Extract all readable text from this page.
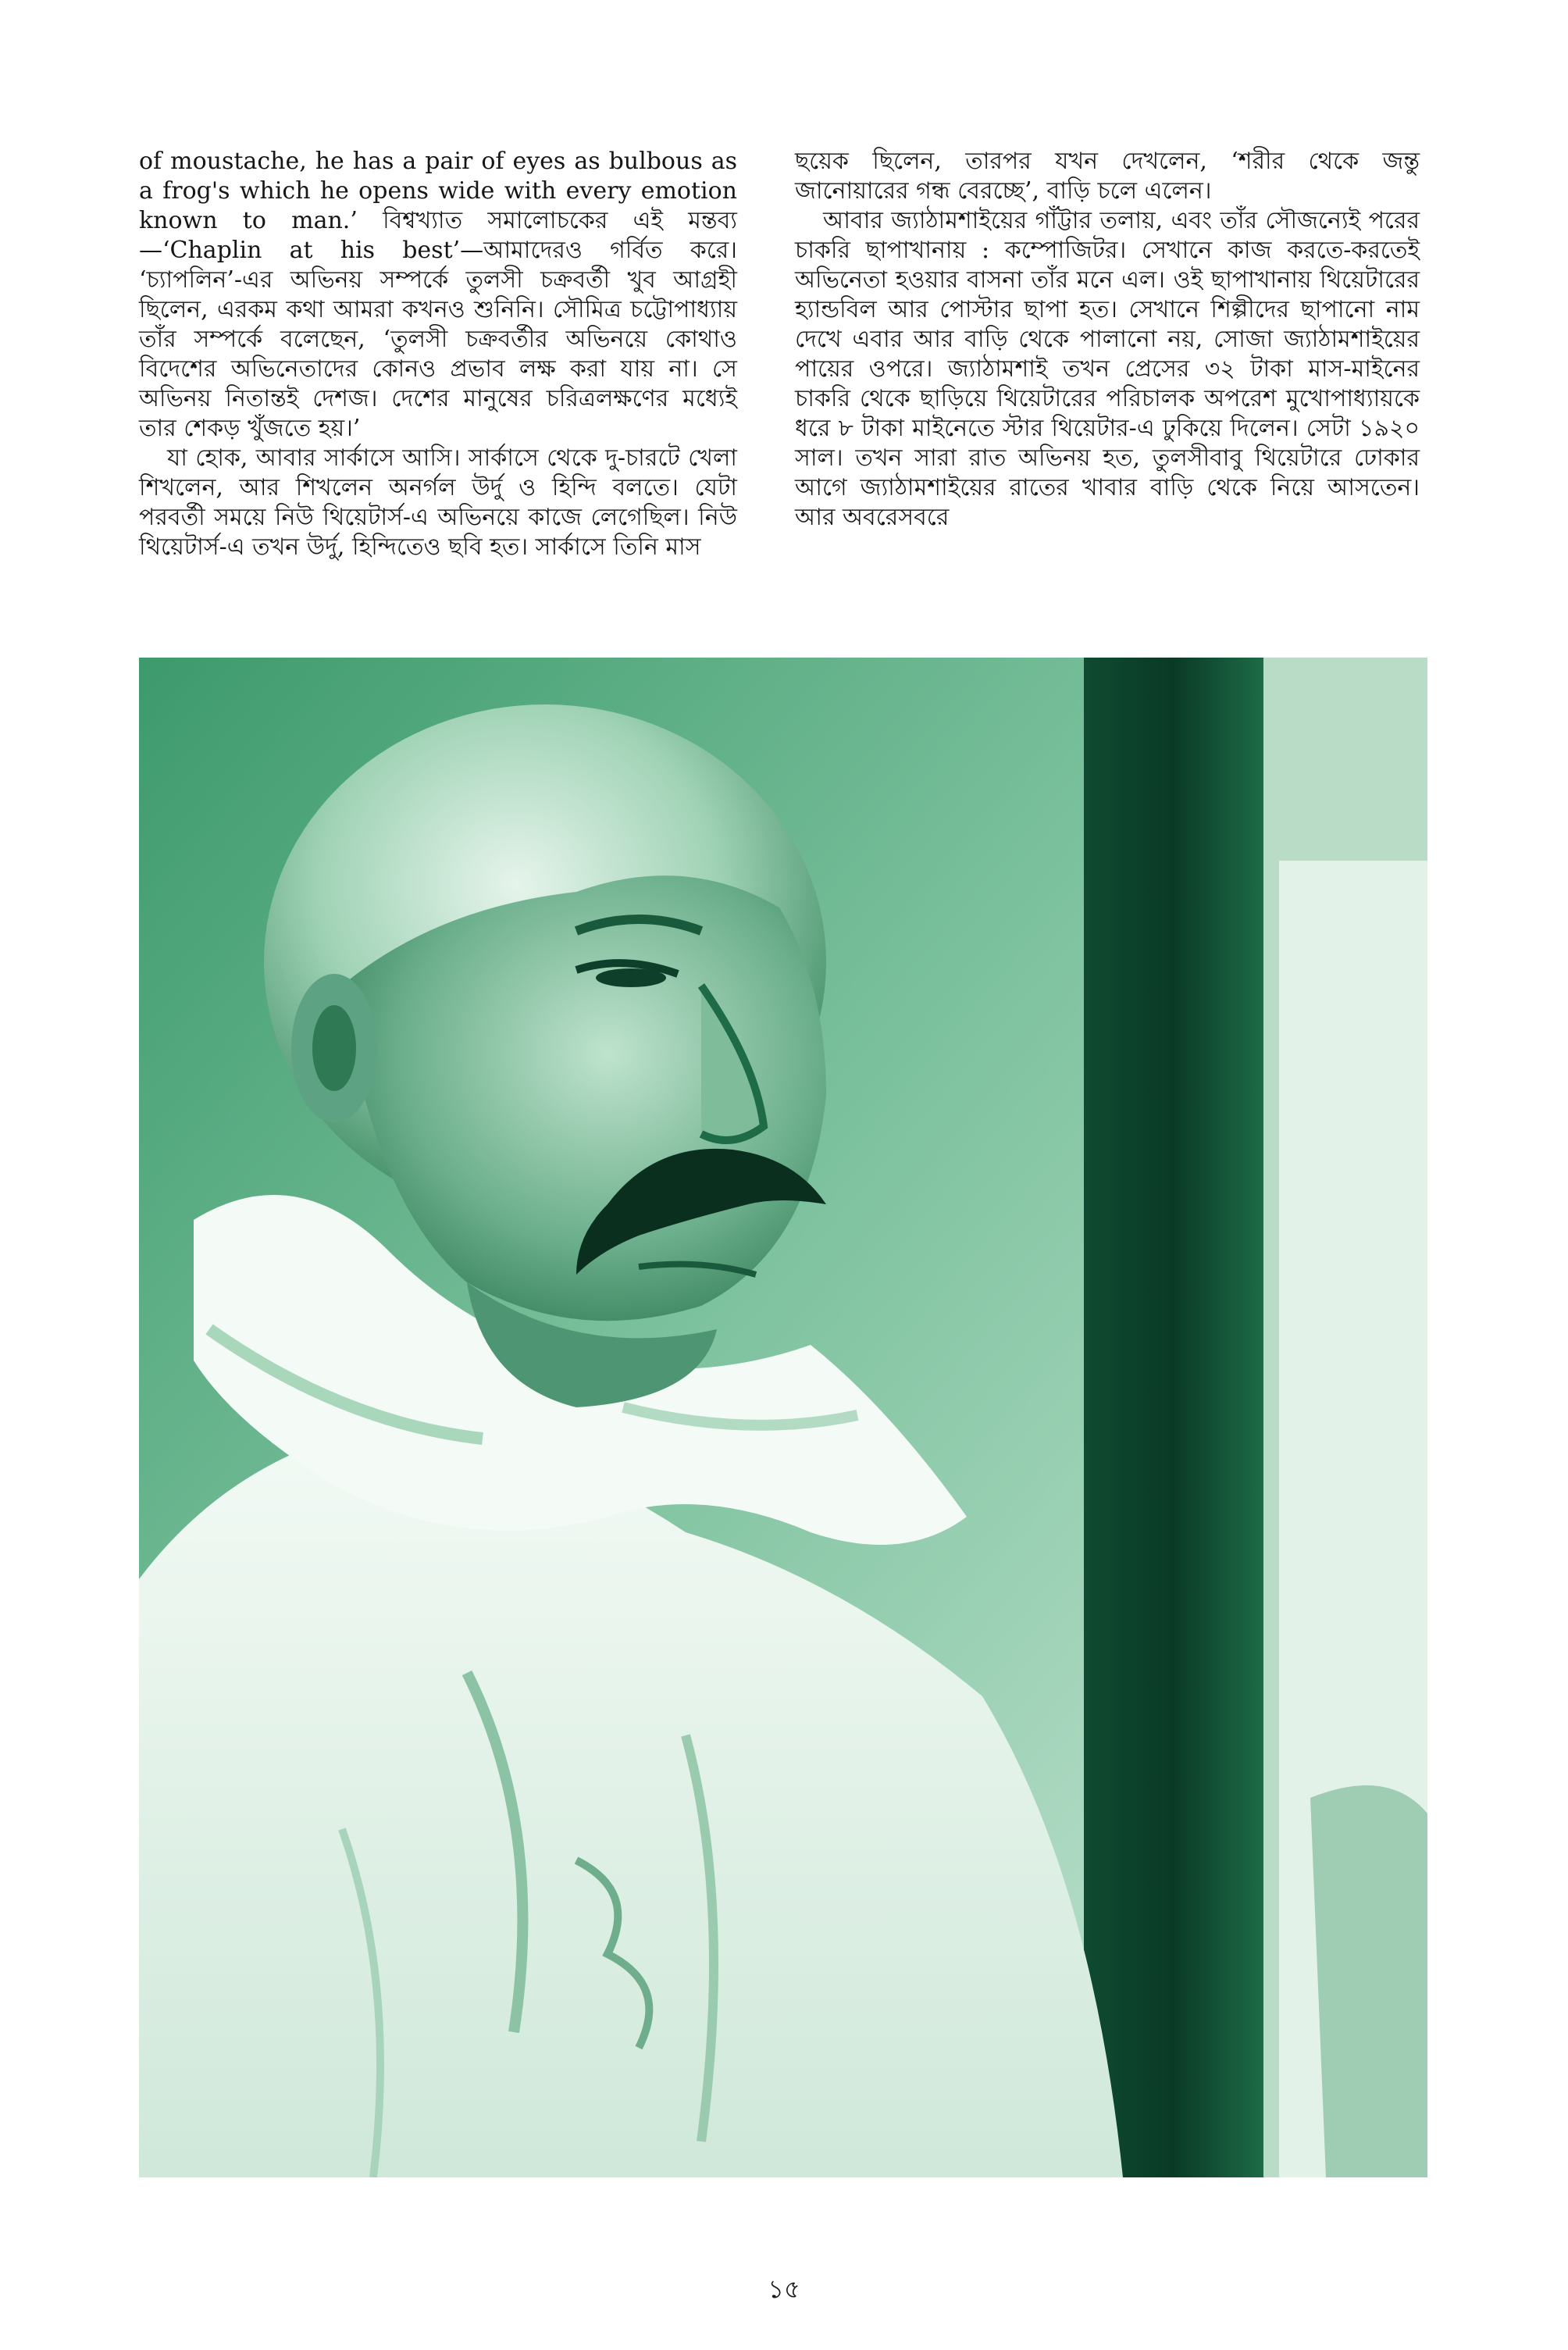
of moustache, he has a pair of eyes as bulbous as a frog's which he opens wide with every emotion known to man.’ বিশ্বখ্যাত সমালোচকের এই মন্তব্য—‘Chaplin at his best’—আমাদেরও গর্বিত করে। ‘চ্যাপলিন’-এর অভিনয় সম্পর্কে তুলসী চক্রবর্তী খুব আগ্রহী ছিলেন, এরকম কথা আমরা কখনও শুনিনি। সৌমিত্র চট্টোপাধ্যায় তাঁর সম্পর্কে বলেছেন, ‘তুলসী চক্রবর্তীর অভিনয়ে কোথাও বিদেশের অভিনেতাদের কোনও প্রভাব লক্ষ করা যায় না। সে অভিনয় নিতান্তই দেশজ। দেশের মানুষের চরিত্রলক্ষণের মধ্যেই তার শেকড় খুঁজতে হয়।’

যা হোক, আবার সার্কাসে আসি। সার্কাসে থেকে দু-চারটে খেলা শিখলেন, আর শিখলেন অনর্গল উর্দু ও হিন্দি বলতে। যেটা পরবর্তী সময়ে নিউ থিয়েটার্স-এ অভিনয়ে কাজে লেগেছিল। নিউ থিয়েটার্স-এ তখন উর্দু, হিন্দিতেও ছবি হত। সার্কাসে তিনি মাস

ছয়েক ছিলেন, তারপর যখন দেখলেন, ‘শরীর থেকে জন্তু জানোয়ারের গন্ধ বেরচ্ছে’, বাড়ি চলে এলেন।

আবার জ্যাঠামশাইয়ের গাঁট্টার তলায়, এবং তাঁর সৌজন্যেই পরের চাকরি ছাপাখানায় : কম্পোজিটর। সেখানে কাজ করতে-করতেই অভিনেতা হওয়ার বাসনা তাঁর মনে এল। ওই ছাপাখানায় থিয়েটারের হ্যান্ডবিল আর পোস্টার ছাপা হত। সেখানে শিল্পীদের ছাপানো নাম দেখে এবার আর বাড়ি থেকে পালানো নয়, সোজা জ্যাঠামশাইয়ের পায়ের ওপরে। জ্যাঠামশাই তখন প্রেসের ৩২ টাকা মাস-মাইনের চাকরি থেকে ছাড়িয়ে থিয়েটারের পরিচালক অপরেশ মুখোপাধ্যায়কে ধরে ৮ টাকা মাইনেতে স্টার থিয়েটার-এ ঢুকিয়ে দিলেন। সেটা ১৯২০ সাল। তখন সারা রাত অভিনয় হত, তুলসীবাবু থিয়েটারে ঢোকার আগে জ্যাঠামশাইয়ের রাতের খাবার বাড়ি থেকে নিয়ে আসতেন। আর অবরেসবরে

১৫
